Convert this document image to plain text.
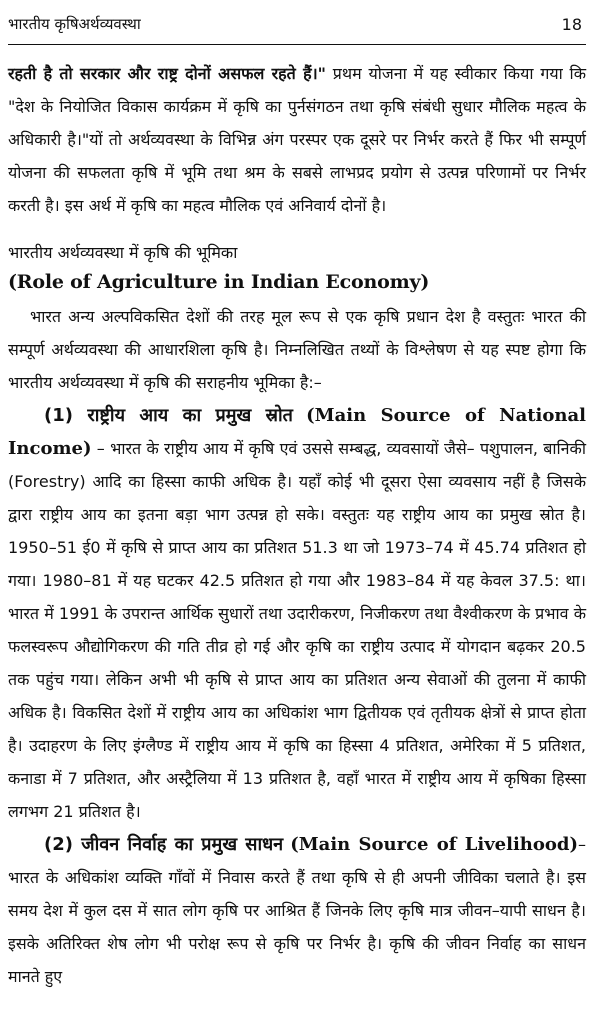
भारतीय कृषिअर्थव्यवस्था	18

रहती है तो सरकार और राष्ट्र दोनों असफल रहते हैं।" प्रथम योजना में यह स्वीकार किया गया कि "देश के नियोजित विकास कार्यक्रम में कृषि का पुर्नसंगठन तथा कृषि संबंधी सुधार मौलिक महत्व के अधिकारी है।"यों तो अर्थव्यवस्था के विभिन्न अंग परस्पर एक दूसरे पर निर्भर करते हैं फिर भी सम्पूर्ण योजना की सफलता कृषि में भूमि तथा श्रम के सबसे लाभप्रद प्रयोग से उत्पन्न परिणामों पर निर्भर करती है। इस अर्थ में कृषि का महत्व मौलिक एवं अनिवार्य दोनों है।

भारतीय अर्थव्यवस्था में कृषि की भूमिका

(Role of Agriculture in Indian Economy)

भारत अन्य अल्पविकसित देशों की तरह मूल रूप से एक कृषि प्रधान देश है वस्तुतः भारत की सम्पूर्ण अर्थव्यवस्था की आधारशिला कृषि है। निम्नलिखित तथ्यों के विश्लेषण से यह स्पष्ट होगा कि भारतीय अर्थव्यवस्था में कृषि की सराहनीय भूमिका है:–

(1) राष्ट्रीय आय का प्रमुख स्रोत (Main Source of National Income) – भारत के राष्ट्रीय आय में कृषि एवं उससे सम्बद्ध, व्यवसायों जैसे– पशुपालन, बानिकी (Forestry) आदि का हिस्सा काफी अधिक है। यहाँ कोई भी दूसरा ऐसा व्यवसाय नहीं है जिसके द्वारा राष्ट्रीय आय का इतना बड़ा भाग उत्पन्न हो सके। वस्तुतः यह राष्ट्रीय आय का प्रमुख स्रोत है। 1950–51 ई0 में कृषि से प्राप्त आय का प्रतिशत 51.3 था जो 1973–74 में 45.74 प्रतिशत हो गया। 1980–81 में यह घटकर 42.5 प्रतिशत हो गया और 1983–84 में यह केवल 37.5: था। भारत में 1991 के उपरान्त आर्थिक सुधारों तथा उदारीकरण, निजीकरण तथा वैश्वीकरण के प्रभाव के फलस्वरूप औद्योगिकरण की गति तीव्र हो गई और कृषि का राष्ट्रीय उत्पाद में योगदान बढ़कर 20.5 तक पहुंच गया। लेकिन अभी भी कृषि से प्राप्त आय का प्रतिशत अन्य सेवाओं की तुलना में काफी अधिक है। विकसित देशों में राष्ट्रीय आय का अधिकांश भाग द्वितीयक एवं तृतीयक क्षेत्रों से प्राप्त होता है। उदाहरण के लिए इंग्लैण्ड में राष्ट्रीय आय में कृषि का हिस्सा 4 प्रतिशत, अमेरिका में 5 प्रतिशत, कनाडा में 7 प्रतिशत, और अस्ट्रैलिया में 13 प्रतिशत है, वहाँ भारत में राष्ट्रीय आय में कृषिका हिस्सा लगभग 21 प्रतिशत है।

(2) जीवन निर्वाह का प्रमुख साधन (Main Source of Livelihood)– भारत के अधिकांश व्यक्ति गाँवों में निवास करते हैं तथा कृषि से ही अपनी जीविका चलाते है। इस समय देश में कुल दस में सात लोग कृषि पर आश्रित हैं जिनके लिए कृषि मात्र जीवन–यापी साधन है। इसके अतिरिक्त शेष लोग भी परोक्ष रूप से कृषि पर निर्भर है। कृषि की जीवन निर्वाह का साधन मानते हुए
